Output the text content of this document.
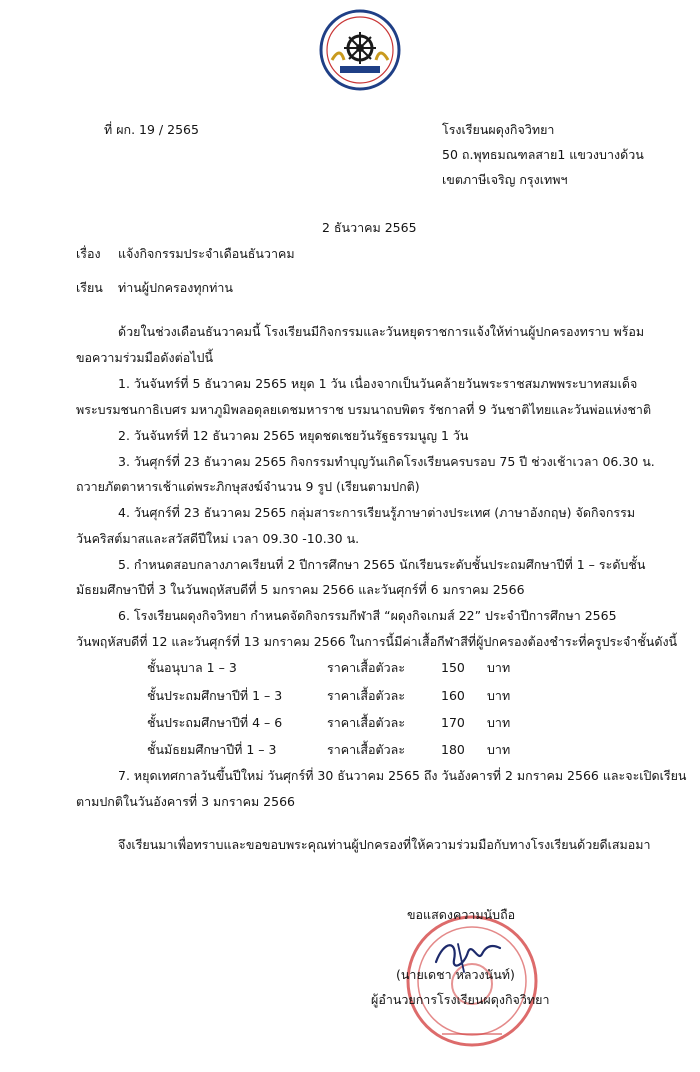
ที่ ผก. 19 / 2565	โรงเรียนผดุงกิจวิทยา
50 ถ.พุทธมณฑลสาย1 แขวงบางด้วน
เขตภาษีเจริญ กรุงเทพฯ
2 ธันวาคม 2565
เรื่อง แจ้งกิจกรรมประจำเดือนธันวาคม
เรียน ท่านผู้ปกครองทุกท่าน
ด้วยในช่วงเดือนธันวาคมนี้ โรงเรียนมีกิจกรรมและวันหยุดราชการแจ้งให้ท่านผู้ปกครองทราบ พร้อม
ขอความร่วมมือดังต่อไปนี้
1. วันจันทร์ที่ 5 ธันวาคม 2565 หยุด 1 วัน เนื่องจากเป็นวันคล้ายวันพระราชสมภพพระบาทสมเด็จ
พระบรมชนกาธิเบศร มหาภูมิพลอดุลยเดชมหาราช บรมนาถบพิตร รัชกาลที่ 9 วันชาติไทยและวันพ่อแห่งชาติ
2. วันจันทร์ที่ 12 ธันวาคม 2565 หยุดชดเชยวันรัฐธรรมนูญ 1 วัน
3. วันศุกร์ที่ 23 ธันวาคม 2565 กิจกรรมทำบุญวันเกิดโรงเรียนครบรอบ 75 ปี ช่วงเช้าเวลา 06.30 น.
ถวายภัตตาหารเช้าแด่พระภิกษุสงฆ์จำนวน 9 รูป (เรียนตามปกติ)
4. วันศุกร์ที่ 23 ธันวาคม 2565 กลุ่มสาระการเรียนรู้ภาษาต่างประเทศ (ภาษาอังกฤษ) จัดกิจกรรม
วันคริสต์มาสและสวัสดีปีใหม่ เวลา 09.30 -10.30 น.
5. กำหนดสอบกลางภาคเรียนที่ 2 ปีการศึกษา 2565 นักเรียนระดับชั้นประถมศึกษาปีที่ 1 – ระดับชั้น
มัธยมศึกษาปีที่ 3 ในวันพฤหัสบดีที่ 5 มกราคม 2566 และวันศุกร์ที่ 6 มกราคม 2566
6. โรงเรียนผดุงกิจวิทยา กำหนดจัดกิจกรรมกีฬาสี “ผดุงกิจเกมส์ 22” ประจำปีการศึกษา 2565
วันพฤหัสบดีที่ 12 และวันศุกร์ที่ 13 มกราคม 2566 ในการนี้มีค่าเสื้อกีฬาสีที่ผู้ปกครองต้องชำระที่ครูประจำชั้นดังนี้
ชั้นอนุบาล 1 – 3	ราคาเสื้อตัวละ	150 บาท
ชั้นประถมศึกษาปีที่ 1 – 3	ราคาเสื้อตัวละ	160 บาท
ชั้นประถมศึกษาปีที่ 4 – 6	ราคาเสื้อตัวละ	170 บาท
ชั้นมัธยมศึกษาปีที่ 1 – 3	ราคาเสื้อตัวละ	180 บาท
7. หยุดเทศกาลวันขึ้นปีใหม่ วันศุกร์ที่ 30 ธันวาคม 2565 ถึง วันอังคารที่ 2 มกราคม 2566 และจะเปิดเรียน
ตามปกติในวันอังคารที่ 3 มกราคม 2566
จึงเรียนมาเพื่อทราบและขอขอบพระคุณท่านผู้ปกครองที่ให้ความร่วมมือกับทางโรงเรียนด้วยดีเสมอมา
ขอแสดงความนับถือ
(นายเดชา หลวงนันท์)
ผู้อำนวยการโรงเรียนผดุงกิจวิทยา
